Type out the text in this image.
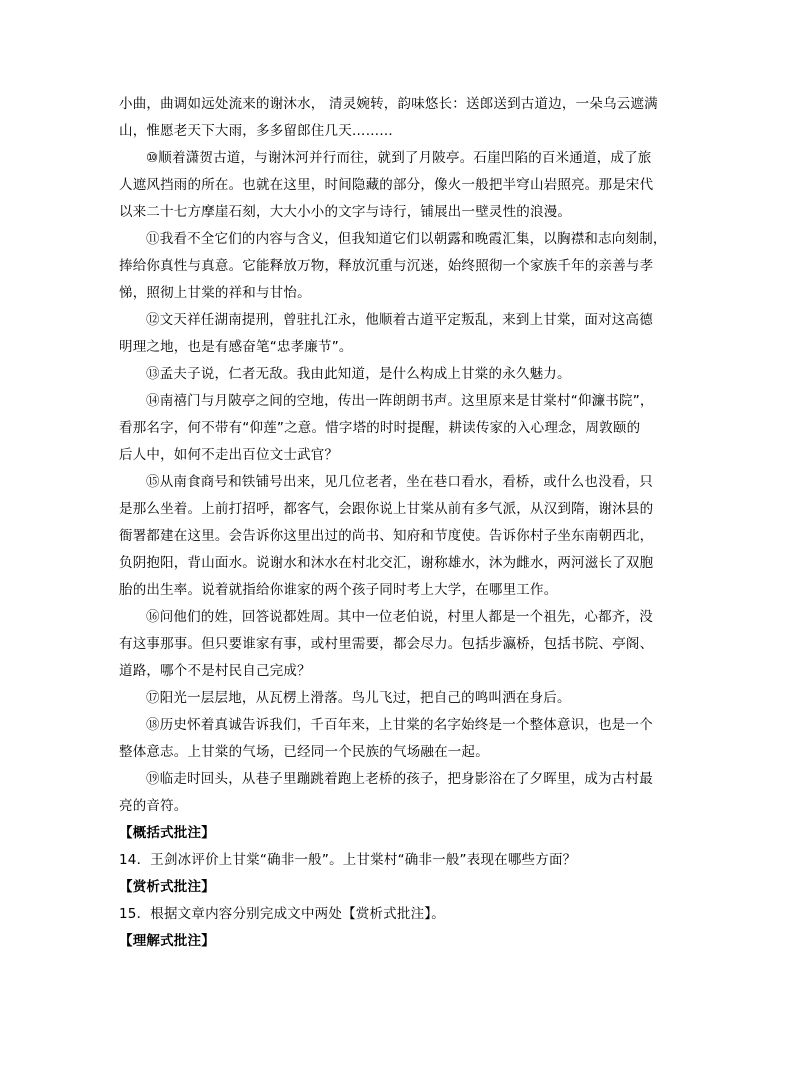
小曲，曲调如远处流来的谢沐水， 清灵婉转，韵味悠长：送郎送到古道边，一朵乌云遮满
山，惟愿老天下大雨，多多留郎住几天………
⑩顺着潇贺古道，与谢沐河并行而往，就到了月陂亭。石崖凹陷的百米通道，成了旅
人遮风挡雨的所在。也就在这里，时间隐藏的部分，像火一般把半穹山岩照亮。那是宋代
以来二十七方摩崖石刻，大大小小的文字与诗行，铺展出一壁灵性的浪漫。
⑪我看不全它们的内容与含义，但我知道它们以朝露和晚霞汇集，以胸襟和志向刻制，
捧给你真性与真意。它能释放万物，释放沉重与沉迷，始终照彻一个家族千年的亲善与孝
悌，照彻上甘棠的祥和与甘怡。
⑫文天祥任湖南提刑，曾驻扎江永，他顺着古道平定叛乱，来到上甘棠，面对这高德
明理之地，也是有感奋笔“忠孝廉节”。
⑬孟夫子说，仁者无敌。我由此知道，是什么构成上甘棠的永久魅力。
⑭南禧门与月陂亭之间的空地，传出一阵朗朗书声。这里原来是甘棠村“仰濂书院”，
看那名字，何不带有“仰莲”之意。惜字塔的时时提醒，耕读传家的入心理念，周敦颐的
后人中，如何不走出百位文士武官？
⑮从南食商号和铁铺号出来，见几位老者，坐在巷口看水，看桥，或什么也没看，只
是那么坐着。上前打招呼，都客气，会跟你说上甘棠从前有多气派，从汉到隋，谢沐县的
衙署都建在这里。会告诉你这里出过的尚书、知府和节度使。告诉你村子坐东南朝西北，
负阴抱阳，背山面水。说谢水和沐水在村北交汇，谢称雄水，沐为雌水，两河滋长了双胞
胎的出生率。说着就指给你谁家的两个孩子同时考上大学，在哪里工作。
⑯问他们的姓，回答说都姓周。其中一位老伯说，村里人都是一个祖先，心都齐，没
有这事那事。但只要谁家有事，或村里需要，都会尽力。包括步瀛桥，包括书院、亭阁、
道路，哪个不是村民自己完成？
⑰阳光一层层地，从瓦楞上滑落。鸟儿飞过，把自己的鸣叫洒在身后。
⑱历史怀着真诚告诉我们，千百年来，上甘棠的名字始终是一个整体意识，也是一个
整体意志。上甘棠的气场，已经同一个民族的气场融在一起。
⑲临走时回头，从巷子里蹦跳着跑上老桥的孩子，把身影浴在了夕晖里，成为古村最
亮的音符。
【概括式批注】
14．王剑冰评价上甘棠“确非一般”。上甘棠村“确非一般”表现在哪些方面？
【赏析式批注】
15．根据文章内容分别完成文中两处【赏析式批注】。
【理解式批注】
